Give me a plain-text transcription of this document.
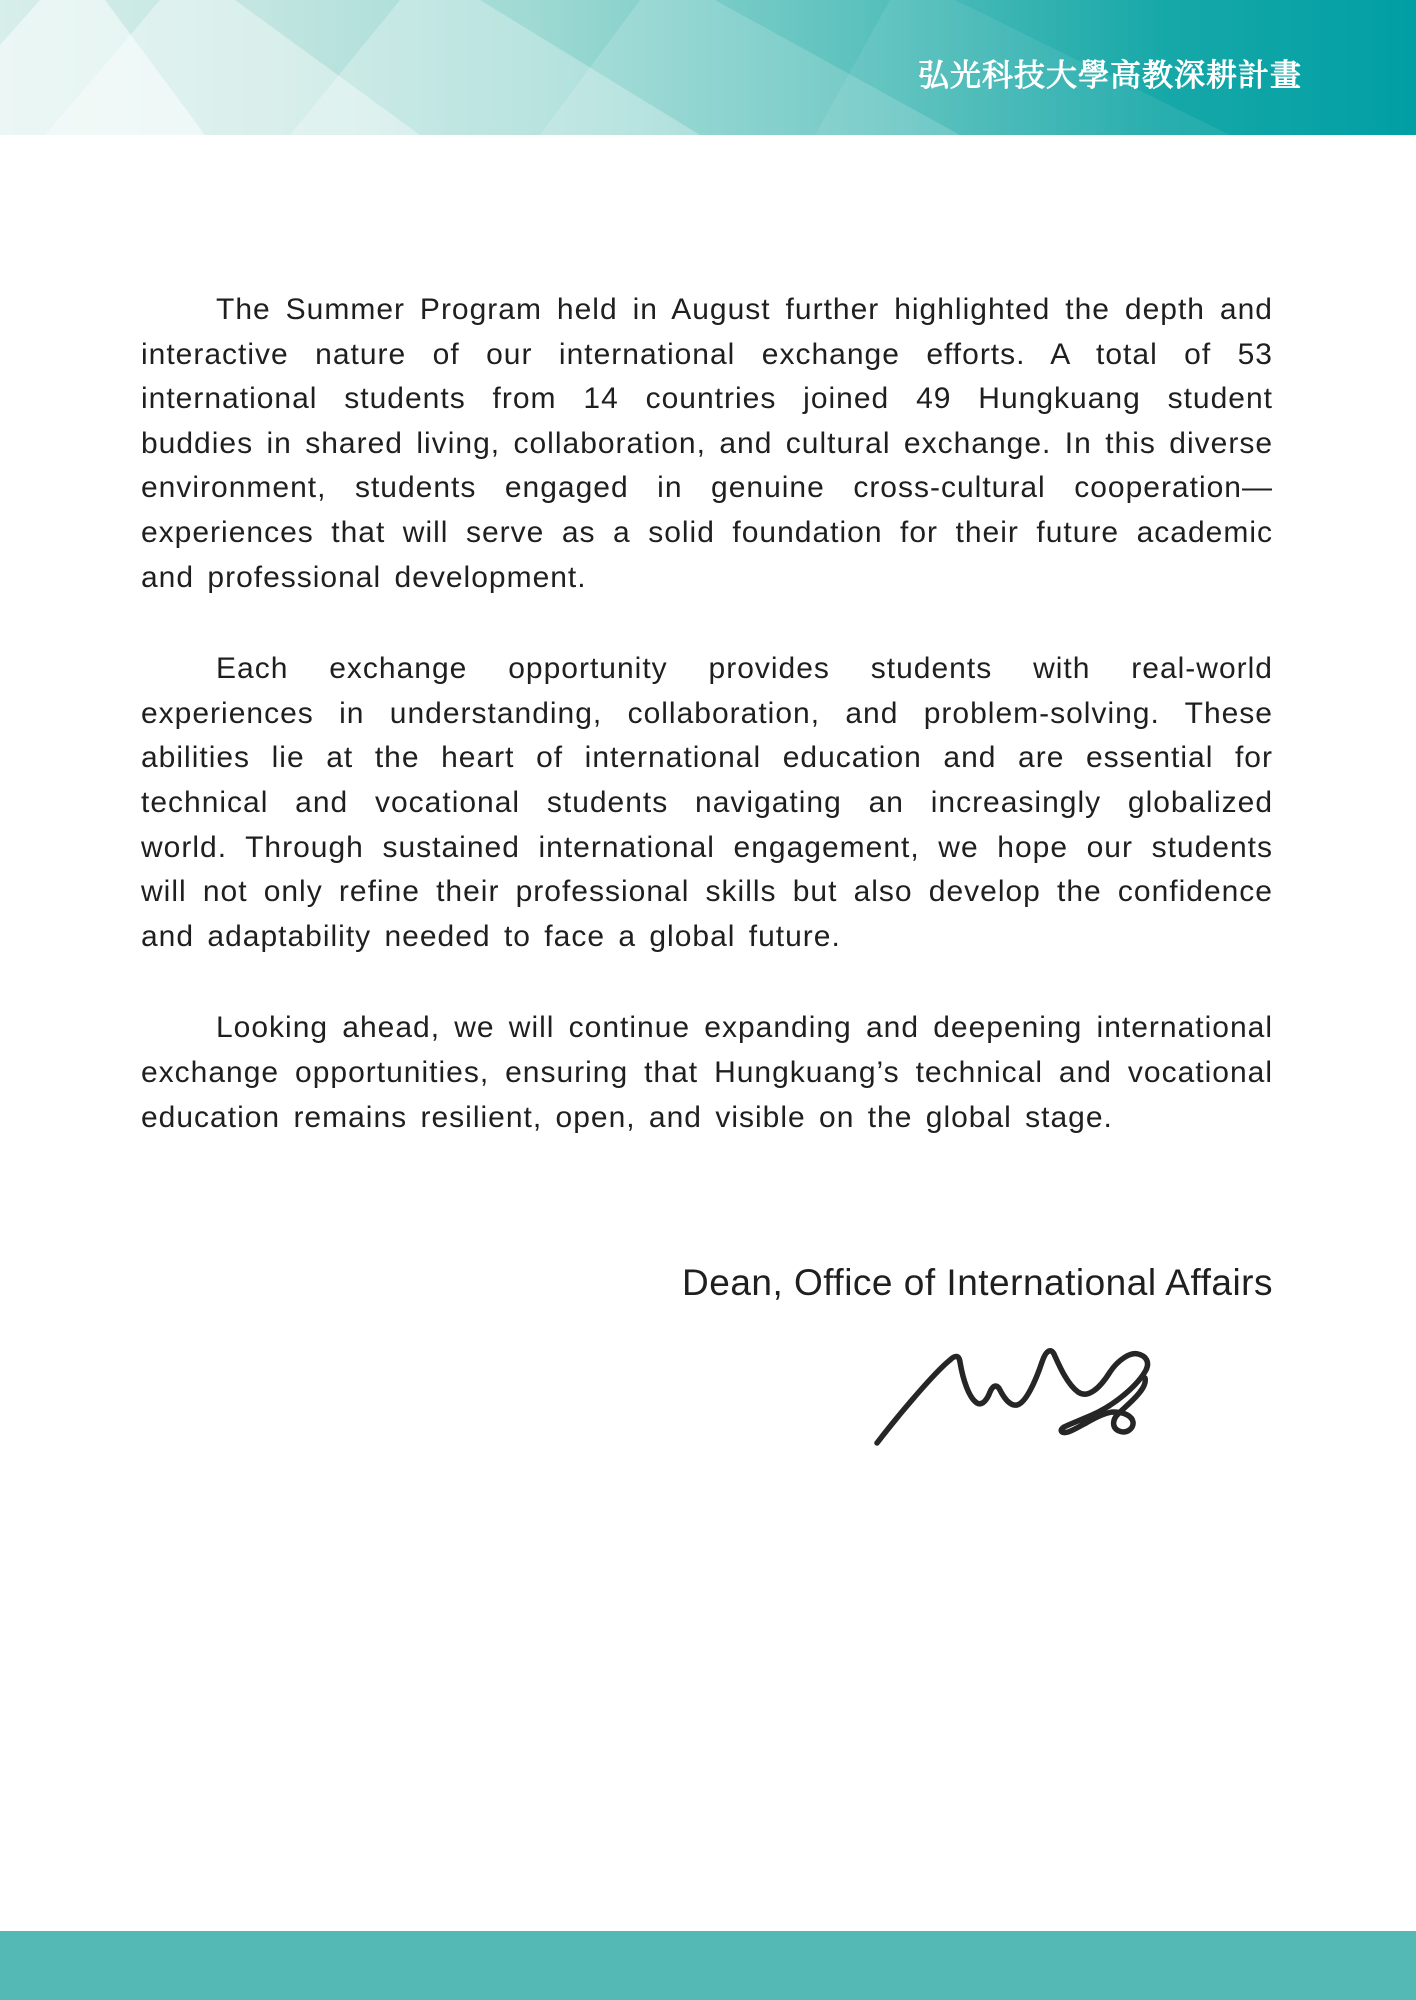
弘光科技大學高教深耕計畫

The Summer Program held in August further highlighted the depth and interactive nature of our international exchange efforts. A total of 53 international students from 14 countries joined 49 Hungkuang student buddies in shared living, collaboration, and cultural exchange. In this diverse environment, students engaged in genuine cross-cultural cooperation—experiences that will serve as a solid foundation for their future academic and professional development.

Each exchange opportunity provides students with real-world experiences in understanding, collaboration, and problem-solving. These abilities lie at the heart of international education and are essential for technical and vocational students navigating an increasingly globalized world. Through sustained international engagement, we hope our students will not only refine their professional skills but also develop the confidence and adaptability needed to face a global future.

Looking ahead, we will continue expanding and deepening international exchange opportunities, ensuring that Hungkuang’s technical and vocational education remains resilient, open, and visible on the global stage.

Dean, Office of International Affairs
